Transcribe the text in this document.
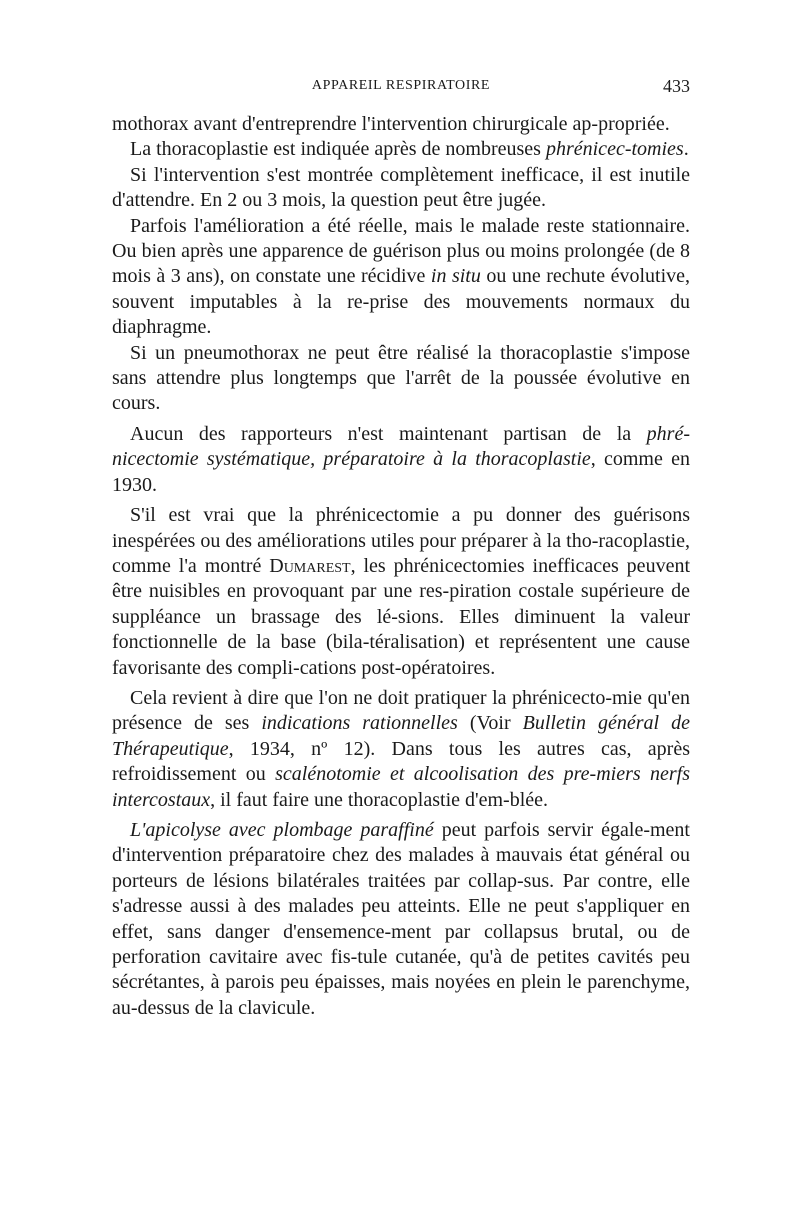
APPAREIL RESPIRATOIRE	433

mothorax avant d'entreprendre l'intervention chirurgicale ap-propriée.

La thoracoplastie est indiquée après de nombreuses phrénicec-tomies.

Si l'intervention s'est montrée complètement inefficace, il est inutile d'attendre. En 2 ou 3 mois, la question peut être jugée.

Parfois l'amélioration a été réelle, mais le malade reste stationnaire. Ou bien après une apparence de guérison plus ou moins prolongée (de 8 mois à 3 ans), on constate une récidive in situ ou une rechute évolutive, souvent imputables à la re-prise des mouvements normaux du diaphragme.

Si un pneumothorax ne peut être réalisé la thoracoplastie s'impose sans attendre plus longtemps que l'arrêt de la poussée évolutive en cours.

Aucun des rapporteurs n'est maintenant partisan de la phré-nicectomie systématique, préparatoire à la thoracoplastie, comme en 1930.

S'il est vrai que la phrénicectomie a pu donner des guérisons inespérées ou des améliorations utiles pour préparer à la tho-racoplastie, comme l'a montré Dumarest, les phrénicectomies inefficaces peuvent être nuisibles en provoquant par une res-piration costale supérieure de suppléance un brassage des lé-sions. Elles diminuent la valeur fonctionnelle de la base (bila-téralisation) et représentent une cause favorisante des compli-cations post-opératoires.

Cela revient à dire que l'on ne doit pratiquer la phrénicecto-mie qu'en présence de ses indications rationnelles (Voir Bulletin général de Thérapeutique, 1934, nº 12). Dans tous les autres cas, après refroidissement ou scalénotomie et alcoolisation des pre-miers nerfs intercostaux, il faut faire une thoracoplastie d'em-blée.

L'apicolyse avec plombage paraffiné peut parfois servir égale-ment d'intervention préparatoire chez des malades à mauvais état général ou porteurs de lésions bilatérales traitées par collap-sus. Par contre, elle s'adresse aussi à des malades peu atteints. Elle ne peut s'appliquer en effet, sans danger d'ensemence-ment par collapsus brutal, ou de perforation cavitaire avec fis-tule cutanée, qu'à de petites cavités peu sécrétantes, à parois peu épaisses, mais noyées en plein le parenchyme, au-dessus de la clavicule.
